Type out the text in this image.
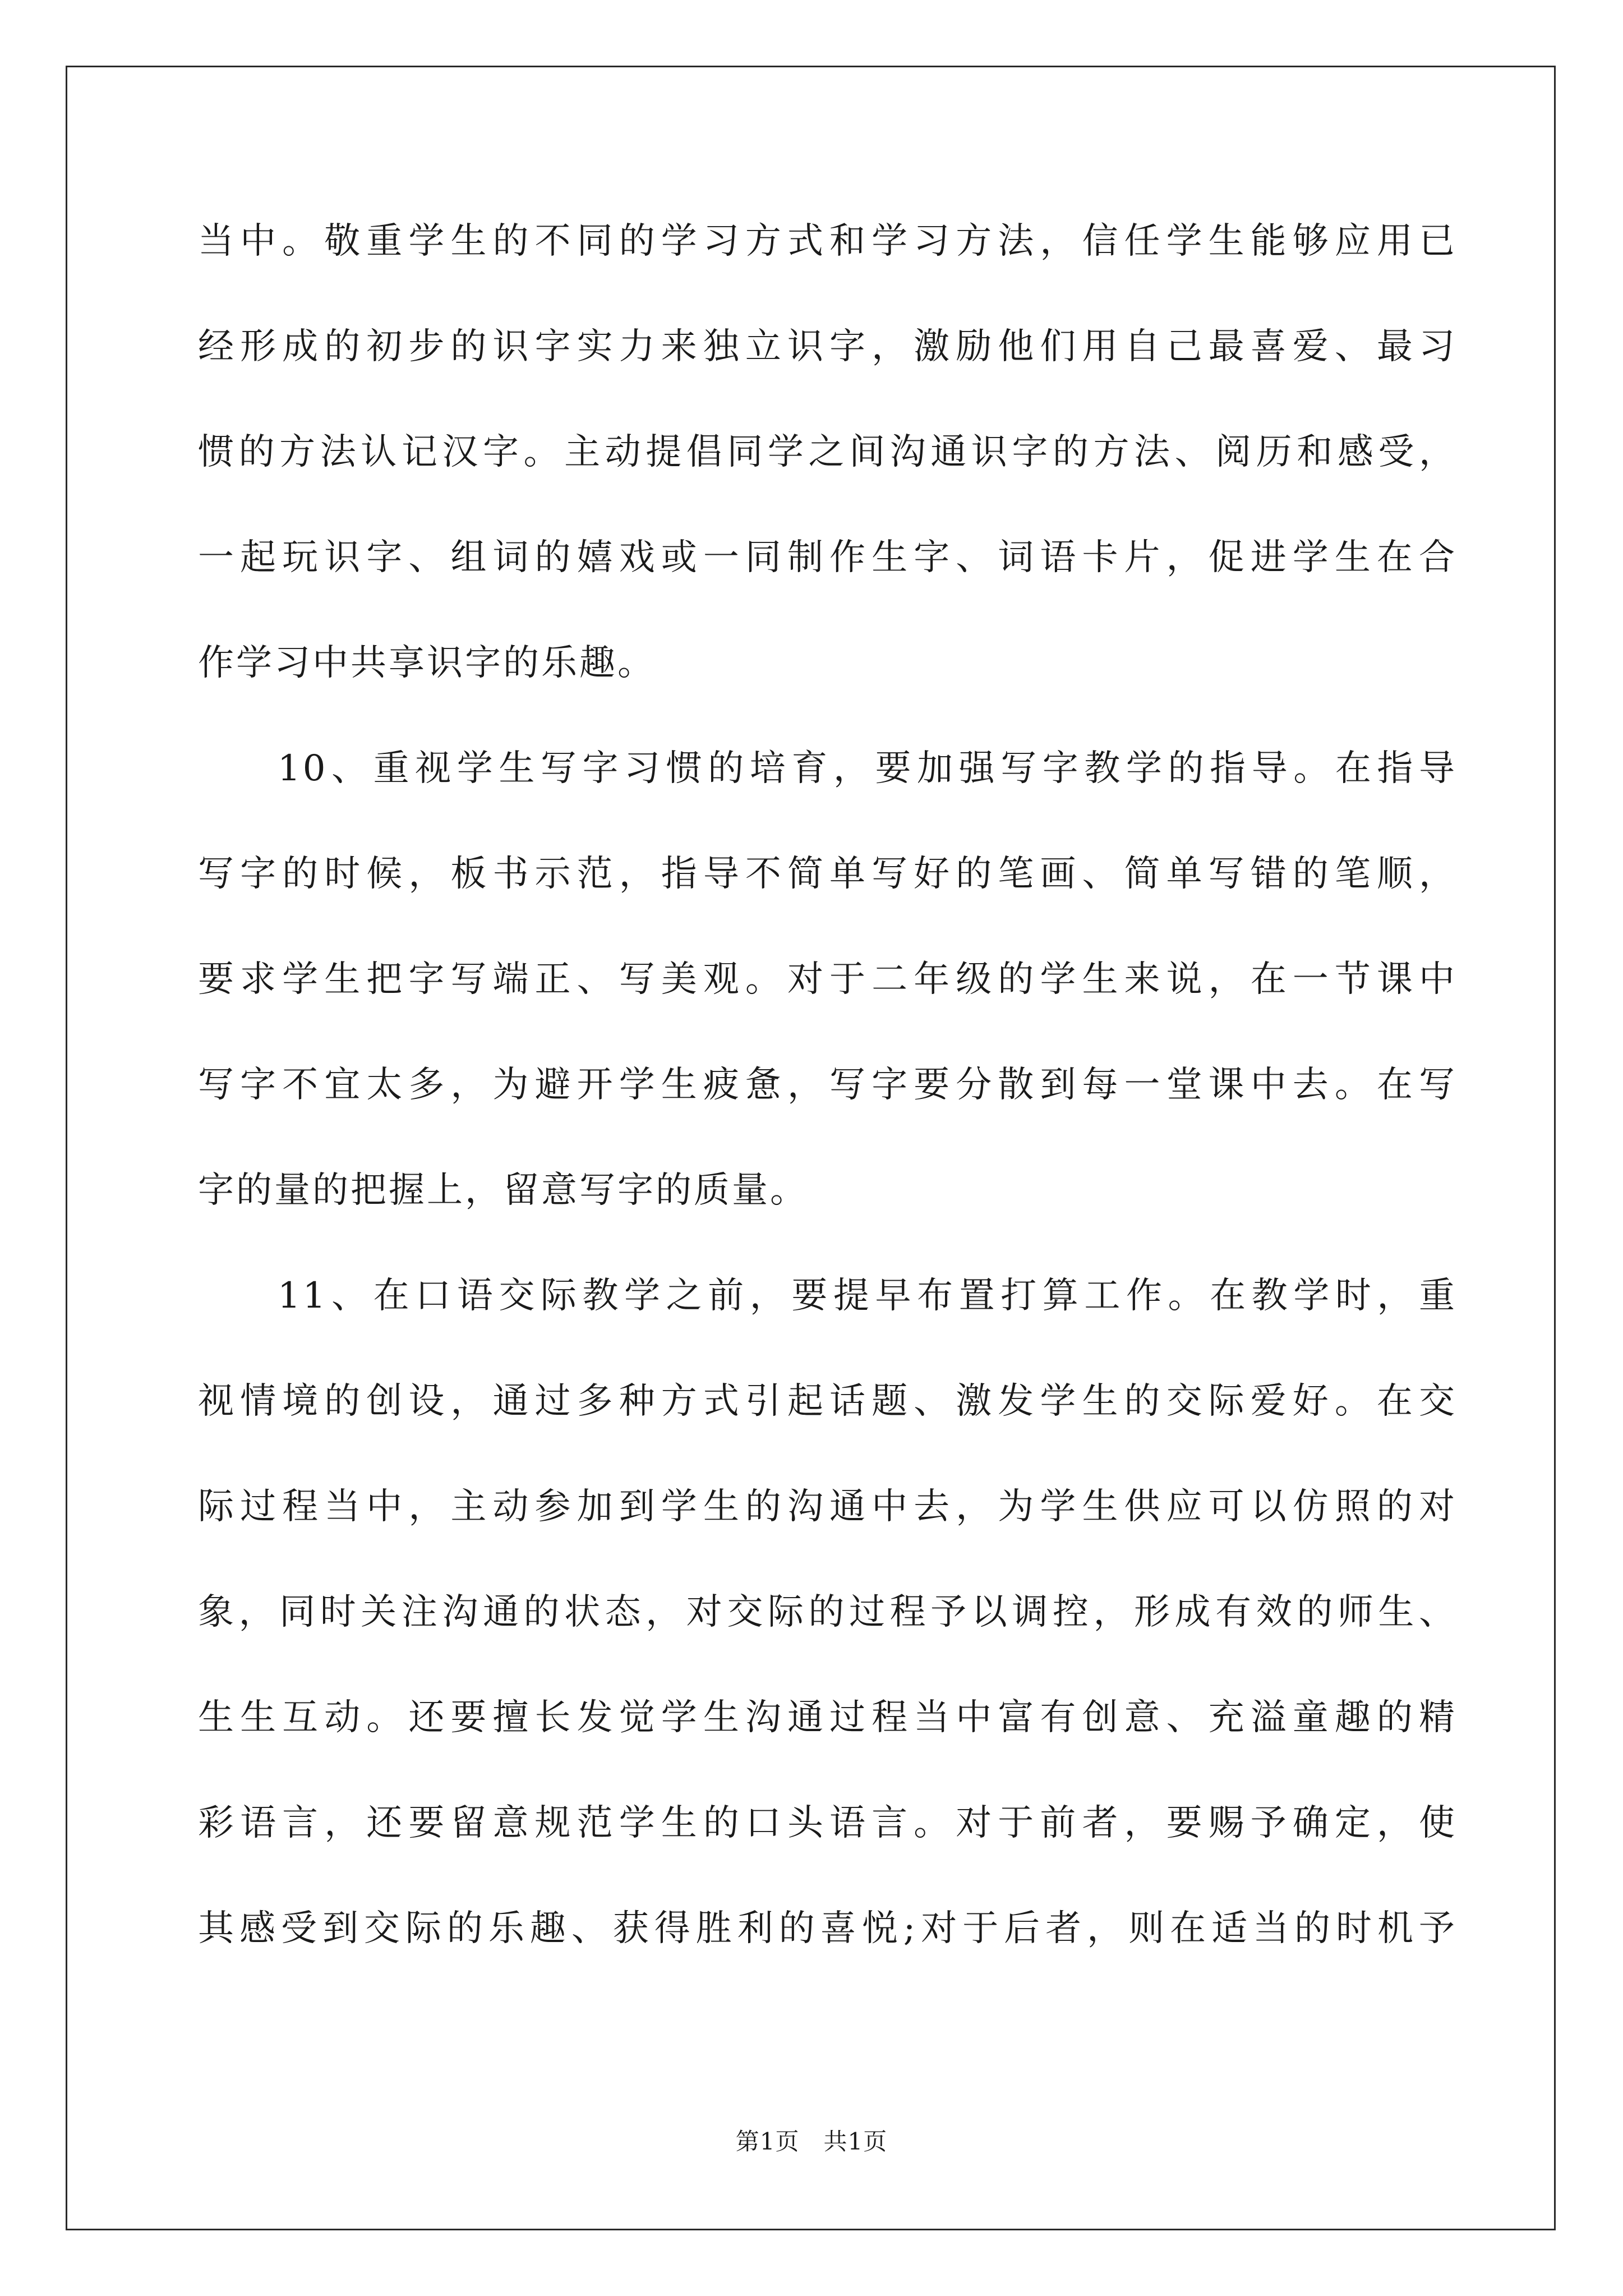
当中。敬重学生的不同的学习方式和学习方法，信任学生能够应用已
经形成的初步的识字实力来独立识字，激励他们用自己最喜爱、最习
惯的方法认记汉字。主动提倡同学之间沟通识字的方法、阅历和感受，
一起玩识字、组词的嬉戏或一同制作生字、词语卡片，促进学生在合
作学习中共享识字的乐趣。
10、重视学生写字习惯的培育，要加强写字教学的指导。在指导
写字的时候，板书示范，指导不简单写好的笔画、简单写错的笔顺，
要求学生把字写端正、写美观。对于二年级的学生来说，在一节课中
写字不宜太多，为避开学生疲惫，写字要分散到每一堂课中去。在写
字的量的把握上，留意写字的质量。
11、在口语交际教学之前，要提早布置打算工作。在教学时，重
视情境的创设，通过多种方式引起话题、激发学生的交际爱好。在交
际过程当中，主动参加到学生的沟通中去，为学生供应可以仿照的对
象，同时关注沟通的状态，对交际的过程予以调控，形成有效的师生、
生生互动。还要擅长发觉学生沟通过程当中富有创意、充溢童趣的精
彩语言，还要留意规范学生的口头语言。对于前者，要赐予确定，使
其感受到交际的乐趣、获得胜利的喜悦;对于后者，则在适当的时机予
第1页　共1页
